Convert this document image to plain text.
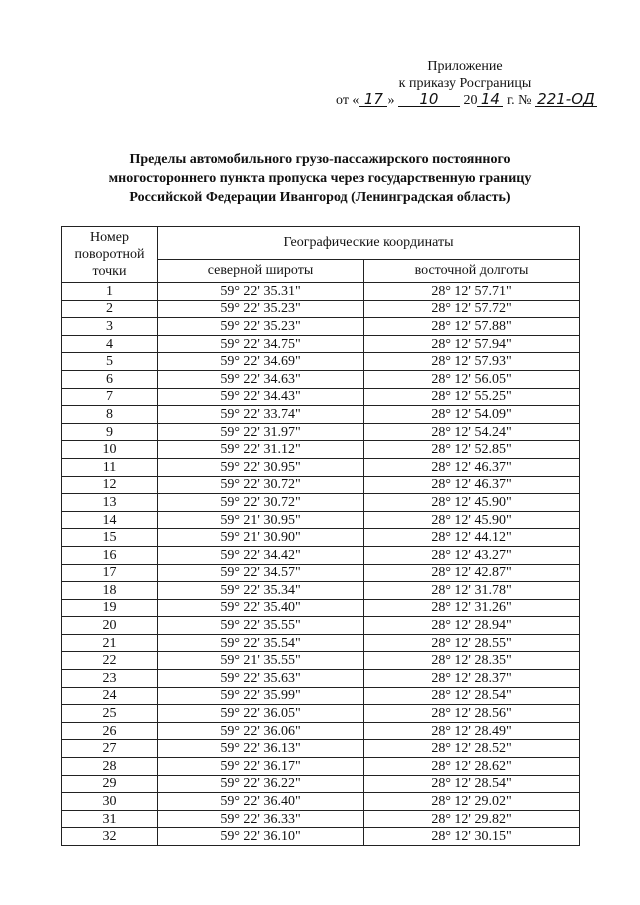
Приложение
к приказу Росграницы
от « 17 » 10 20 14 г. № 221-ОД
Пределы автомобильного грузо-пассажирского постоянного
многостороннего пункта пропуска через государственную границу
Российской Федерации Ивангород (Ленинградская область)
Номер поворотной точки	Географические координаты	
	северной широты	восточной долготы
1	59° 22' 35.31"	28° 12' 57.71"
2	59° 22' 35.23"	28° 12' 57.72"
3	59° 22' 35.23"	28° 12' 57.88"
4	59° 22' 34.75"	28° 12' 57.94"
5	59° 22' 34.69"	28° 12' 57.93"
6	59° 22' 34.63"	28° 12' 56.05"
7	59° 22' 34.43"	28° 12' 55.25"
8	59° 22' 33.74"	28° 12' 54.09"
9	59° 22' 31.97"	28° 12' 54.24"
10	59° 22' 31.12"	28° 12' 52.85"
11	59° 22' 30.95"	28° 12' 46.37"
12	59° 22' 30.72"	28° 12' 46.37"
13	59° 22' 30.72"	28° 12' 45.90"
14	59° 21' 30.95"	28° 12' 45.90"
15	59° 21' 30.90"	28° 12' 44.12"
16	59° 22' 34.42"	28° 12' 43.27"
17	59° 22' 34.57"	28° 12' 42.87"
18	59° 22' 35.34"	28° 12' 31.78"
19	59° 22' 35.40"	28° 12' 31.26"
20	59° 22' 35.55"	28° 12' 28.94"
21	59° 22' 35.54"	28° 12' 28.55"
22	59° 21' 35.55"	28° 12' 28.35"
23	59° 22' 35.63"	28° 12' 28.37"
24	59° 22' 35.99"	28° 12' 28.54"
25	59° 22' 36.05"	28° 12' 28.56"
26	59° 22' 36.06"	28° 12' 28.49"
27	59° 22' 36.13"	28° 12' 28.52"
28	59° 22' 36.17"	28° 12' 28.62"
29	59° 22' 36.22"	28° 12' 28.54"
30	59° 22' 36.40"	28° 12' 29.02"
31	59° 22' 36.33"	28° 12' 29.82"
32	59° 22' 36.10"	28° 12' 30.15"
